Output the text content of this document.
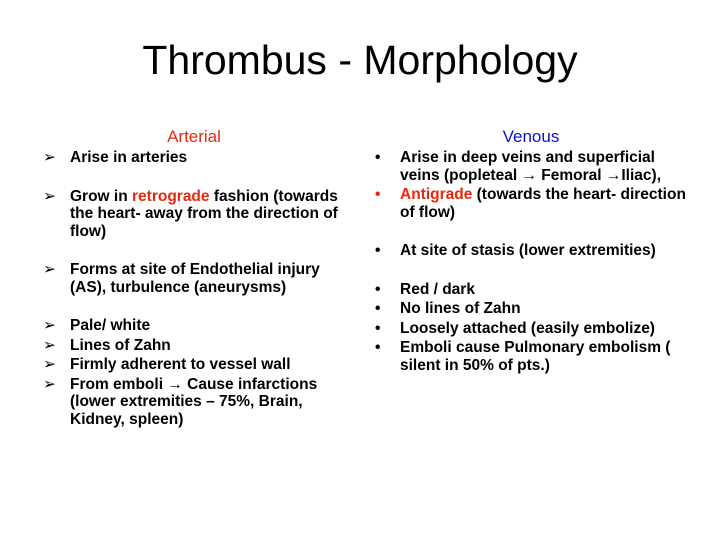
Thrombus - Morphology
Arterial
➢ Arise in arteries
➢ Grow in retrograde fashion (towards the heart- away from the direction of flow)
➢ Forms at site of Endothelial injury (AS), turbulence (aneurysms)
➢ Pale/ white
➢ Lines of Zahn
➢ Firmly adherent to vessel wall
➢ From emboli → Cause infarctions (lower extremities – 75%, Brain, Kidney, spleen)
Venous
• Arise in deep veins and superficial veins (popleteal → Femoral →Iliac),
• Antigrade (towards the heart- direction of flow)
• At site of stasis (lower extremities)
• Red / dark
• No lines of Zahn
• Loosely attached (easily embolize)
• Emboli cause Pulmonary embolism ( silent in 50% of pts.)
